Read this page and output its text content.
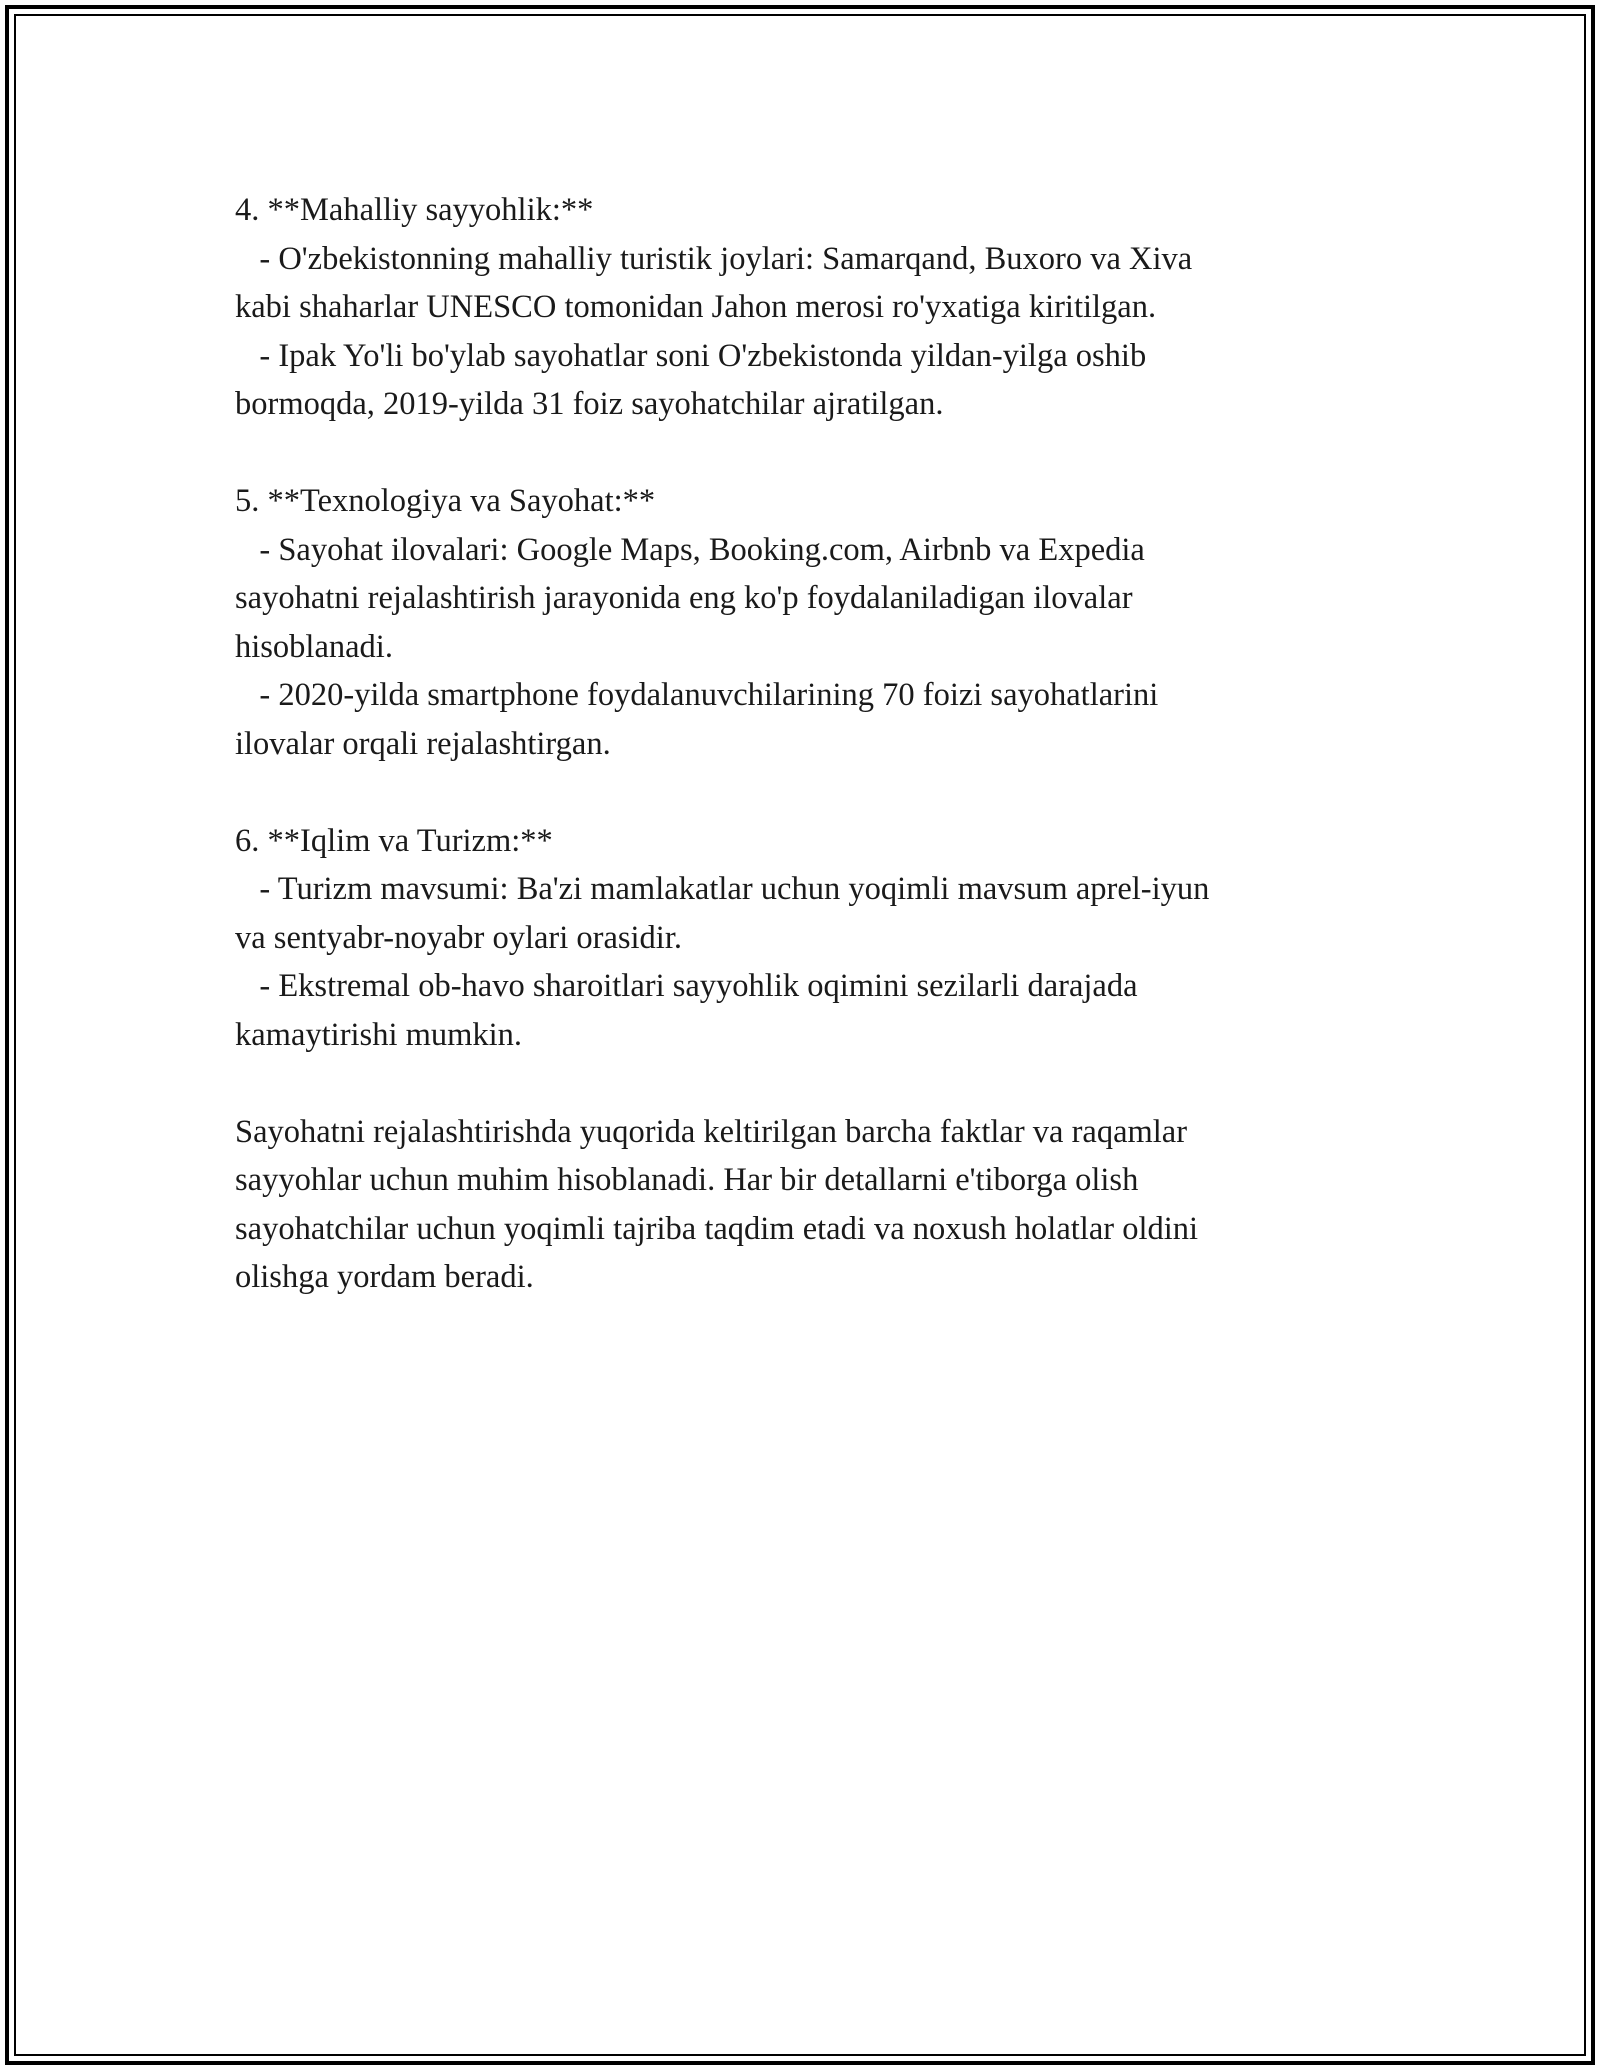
4. **Mahalliy sayyohlik:**
- O'zbekistonning mahalliy turistik joylari: Samarqand, Buxoro va Xiva
kabi shaharlar UNESCO tomonidan Jahon merosi ro'yxatiga kiritilgan.
- Ipak Yo'li bo'ylab sayohatlar soni O'zbekistonda yildan-yilga oshib
bormoqda, 2019-yilda 31 foiz sayohatchilar ajratilgan.
5. **Texnologiya va Sayohat:**
- Sayohat ilovalari: Google Maps, Booking.com, Airbnb va Expedia
sayohatni rejalashtirish jarayonida eng ko'p foydalaniladigan ilovalar
hisoblanadi.
- 2020-yilda smartphone foydalanuvchilarining 70 foizi sayohatlarini
ilovalar orqali rejalashtirgan.
6. **Iqlim va Turizm:**
- Turizm mavsumi: Ba'zi mamlakatlar uchun yoqimli mavsum aprel-iyun
va sentyabr-noyabr oylari orasidir.
- Ekstremal ob-havo sharoitlari sayyohlik oqimini sezilarli darajada
kamaytirishi mumkin.
Sayohatni rejalashtirishda yuqorida keltirilgan barcha faktlar va raqamlar
sayyohlar uchun muhim hisoblanadi. Har bir detallarni e'tiborga olish
sayohatchilar uchun yoqimli tajriba taqdim etadi va noxush holatlar oldini
olishga yordam beradi.
